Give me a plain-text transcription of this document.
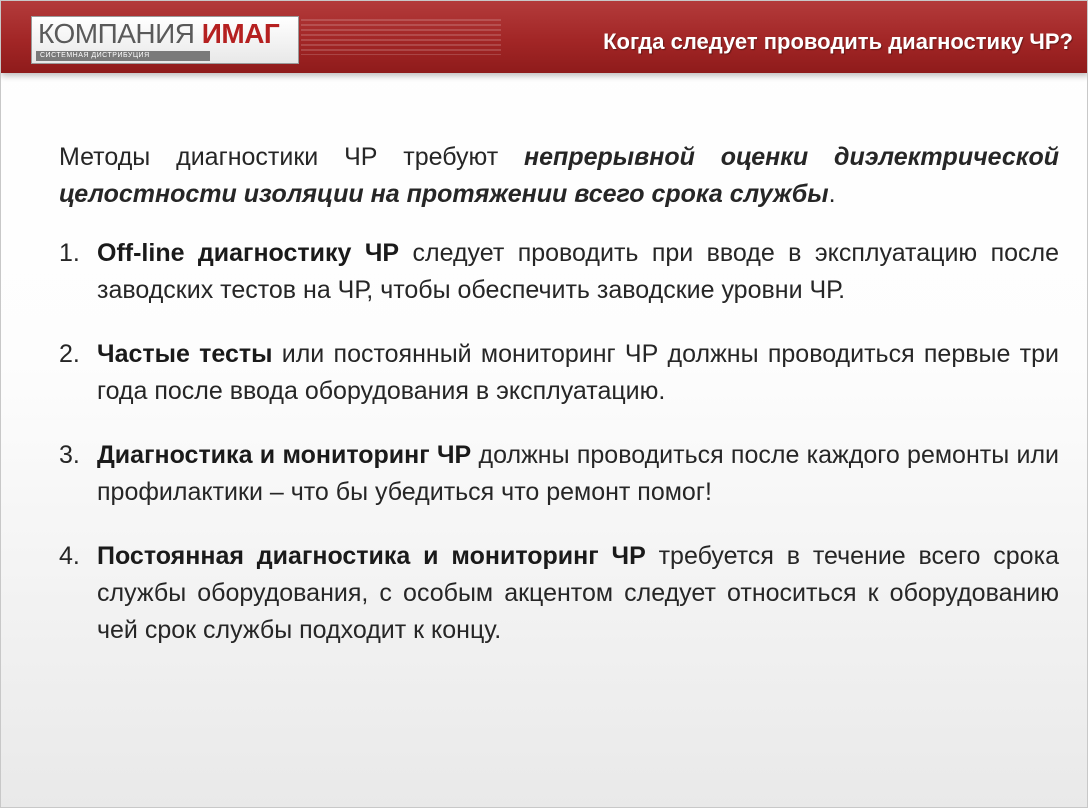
КОМПАНИЯ ИМАГ
СИСТЕМНАЯ ДИСТРИБУЦИЯ
Когда следует проводить диагностику ЧР?

Методы диагностики ЧР требуют непрерывной оценки диэлектрической целостности изоляции на протяжении всего срока службы.

1. Off-line диагностику ЧР следует проводить при вводе в эксплуатацию после заводских тестов на ЧР, чтобы обеспечить заводские уровни ЧР.
2. Частые тесты или постоянный мониторинг ЧР должны проводиться первые три года после ввода оборудования в эксплуатацию.
3. Диагностика и мониторинг ЧР должны проводиться после каждого ремонты или профилактики – что бы убедиться что ремонт помог!
4. Постоянная диагностика и мониторинг ЧР требуется в течение всего срока службы оборудования, с особым акцентом следует относиться к оборудованию чей срок службы подходит к концу.
